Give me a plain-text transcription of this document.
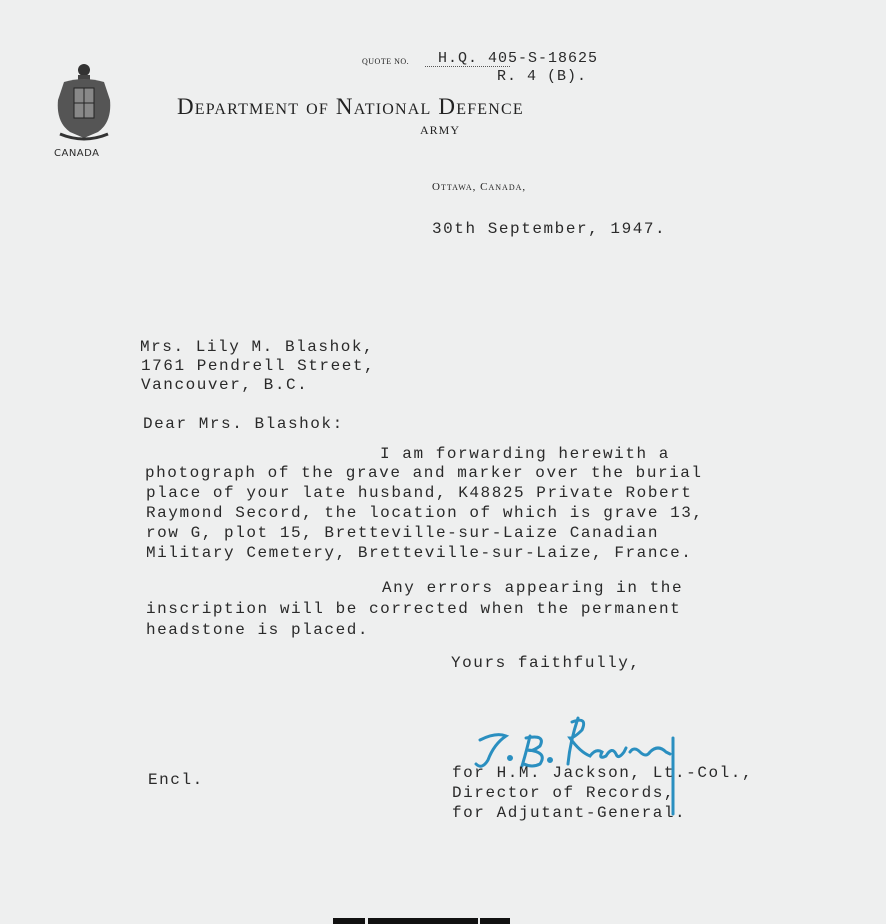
CANADA
QUOTE NO. H.Q. 405-S-18625
R. 4 (B).
Department of National Defence
ARMY
Ottawa, Canada,
30th September, 1947.
Mrs. Lily M. Blashok,
1761 Pendrell Street,
Vancouver, B.C.
Dear Mrs. Blashok:
I am forwarding herewith a
photograph of the grave and marker over the burial
place of your late husband, K48825 Private Robert
Raymond Secord, the location of which is grave 13,
row G, plot 15, Bretteville-sur-Laize Canadian
Military Cemetery, Bretteville-sur-Laize, France.
Any errors appearing in the
inscription will be corrected when the permanent
headstone is placed.
Yours faithfully,
Encl.	for H.M. Jackson, Lt.-Col.,
Director of Records,
for Adjutant-General.
